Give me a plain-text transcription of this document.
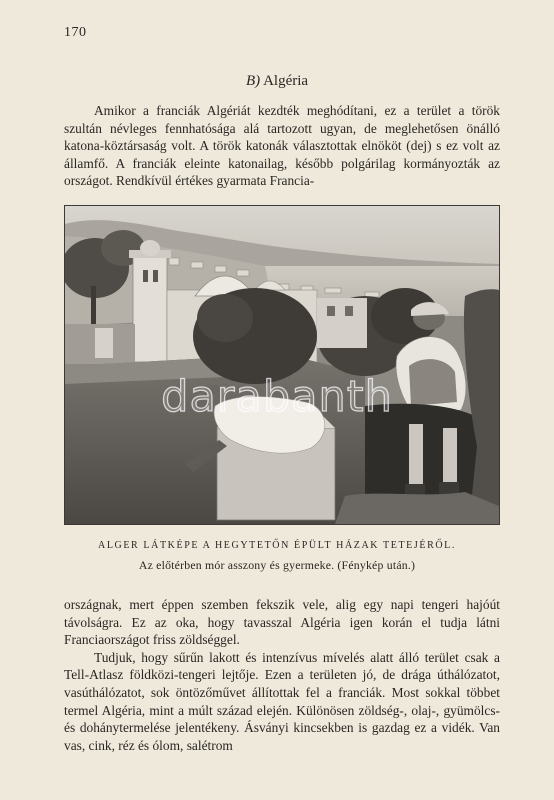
170
B) Algéria

Amikor a franciák Algériát kezdték meghódítani, ez a terület a török szultán névleges fennhatósága alá tartozott ugyan, de meglehetősen önálló katona-köztársaság volt. A török katonák választottak elnököt (dej) s ez volt az államfő. A franciák eleinte katonailag, később polgárilag kormányozták az országot. Rendkívül értékes gyarmata Francia-

darabanth
ALGER LÁTKÉPE A HEGYTETŐN ÉPÜLT HÁZAK TETEJÉRŐL.
Az előtérben mór asszony és gyermeke. (Fénykép után.)

országnak, mert éppen szemben fekszik vele, alig egy napi tengeri hajóút távolságra. Ez az oka, hogy tavasszal Algéria igen korán el tudja látni Franciaországot friss zöldséggel.

Tudjuk, hogy sűrűn lakott és intenzívus mívelés alatt álló terület csak a Tell-Atlasz földközi-tengeri lejtője. Ezen a területen jó, de drága úthálózatot, vasúthálózatot, sok öntözőművet állítottak fel a franciák. Most sokkal többet termel Algéria, mint a múlt század elején. Különösen zöldség-, olaj-, gyümölcs- és dohánytermelése jelentékeny. Ásványi kincsekben is gazdag ez a vidék. Van vas, cink, réz és ólom, salétrom
